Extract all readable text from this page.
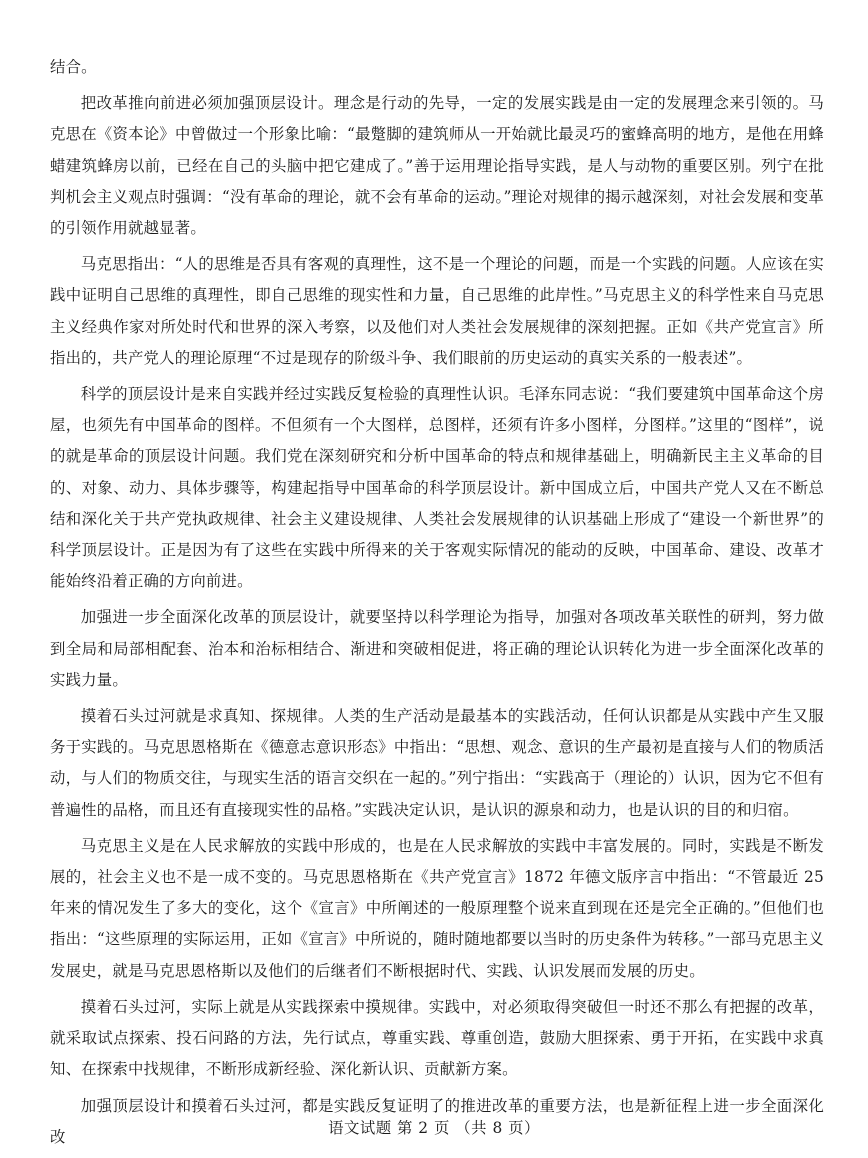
结合。

把改革推向前进必须加强顶层设计。理念是行动的先导，一定的发展实践是由一定的发展理念来引领的。马克思在《资本论》中曾做过一个形象比喻：“最蹩脚的建筑师从一开始就比最灵巧的蜜蜂高明的地方，是他在用蜂蜡建筑蜂房以前，已经在自己的头脑中把它建成了。”善于运用理论指导实践，是人与动物的重要区别。列宁在批判机会主义观点时强调：“没有革命的理论，就不会有革命的运动。”理论对规律的揭示越深刻，对社会发展和变革的引领作用就越显著。

马克思指出：“人的思维是否具有客观的真理性，这不是一个理论的问题，而是一个实践的问题。人应该在实践中证明自己思维的真理性，即自己思维的现实性和力量，自己思维的此岸性。”马克思主义的科学性来自马克思主义经典作家对所处时代和世界的深入考察，以及他们对人类社会发展规律的深刻把握。正如《共产党宣言》所指出的，共产党人的理论原理“不过是现存的阶级斗争、我们眼前的历史运动的真实关系的一般表述”。

科学的顶层设计是来自实践并经过实践反复检验的真理性认识。毛泽东同志说：“我们要建筑中国革命这个房屋，也须先有中国革命的图样。不但须有一个大图样，总图样，还须有许多小图样，分图样。”这里的“图样”，说的就是革命的顶层设计问题。我们党在深刻研究和分析中国革命的特点和规律基础上，明确新民主主义革命的目的、对象、动力、具体步骤等，构建起指导中国革命的科学顶层设计。新中国成立后，中国共产党人又在不断总结和深化关于共产党执政规律、社会主义建设规律、人类社会发展规律的认识基础上形成了“建设一个新世界”的科学顶层设计。正是因为有了这些在实践中所得来的关于客观实际情况的能动的反映，中国革命、建设、改革才能始终沿着正确的方向前进。

加强进一步全面深化改革的顶层设计，就要坚持以科学理论为指导，加强对各项改革关联性的研判，努力做到全局和局部相配套、治本和治标相结合、渐进和突破相促进，将正确的理论认识转化为进一步全面深化改革的实践力量。

摸着石头过河就是求真知、探规律。人类的生产活动是最基本的实践活动，任何认识都是从实践中产生又服务于实践的。马克思恩格斯在《德意志意识形态》中指出：“思想、观念、意识的生产最初是直接与人们的物质活动，与人们的物质交往，与现实生活的语言交织在一起的。”列宁指出：“实践高于（理论的）认识，因为它不但有普遍性的品格，而且还有直接现实性的品格。”实践决定认识，是认识的源泉和动力，也是认识的目的和归宿。

马克思主义是在人民求解放的实践中形成的，也是在人民求解放的实践中丰富发展的。同时，实践是不断发展的，社会主义也不是一成不变的。马克思恩格斯在《共产党宣言》1872 年德文版序言中指出：“不管最近 25 年来的情况发生了多大的变化，这个《宣言》中所阐述的一般原理整个说来直到现在还是完全正确的。”但他们也指出：“这些原理的实际运用，正如《宣言》中所说的，随时随地都要以当时的历史条件为转移。”一部马克思主义发展史，就是马克思恩格斯以及他们的后继者们不断根据时代、实践、认识发展而发展的历史。

摸着石头过河，实际上就是从实践探索中摸规律。实践中，对必须取得突破但一时还不那么有把握的改革，就采取试点探索、投石问路的方法，先行试点，尊重实践、尊重创造，鼓励大胆探索、勇于开拓，在实践中求真知、在探索中找规律，不断形成新经验、深化新认识、贡献新方案。

加强顶层设计和摸着石头过河，都是实践反复证明了的推进改革的重要方法，也是新征程上进一步全面深化改	语文试题 第 2 页 （共 8 页）
